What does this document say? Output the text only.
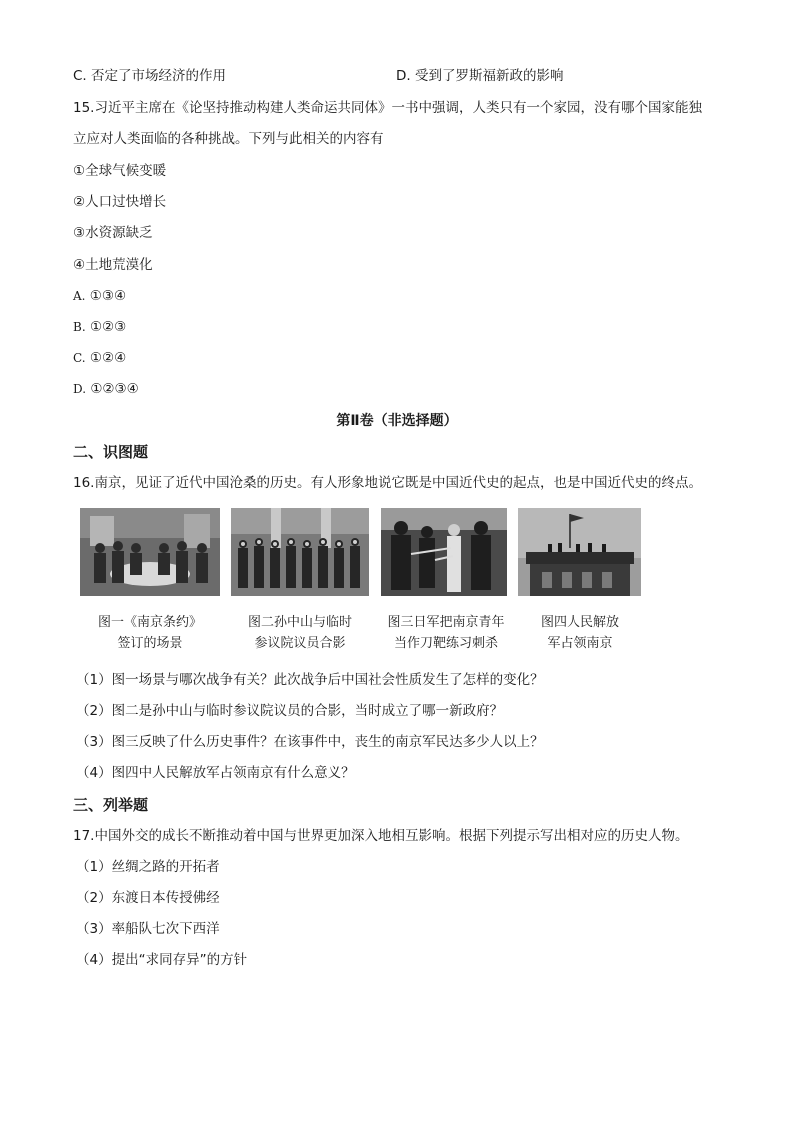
C. 否定了市场经济的作用	D. 受到了罗斯福新政的影响
15.习近平主席在《论坚持推动构建人类命运共同体》一书中强调，人类只有一个家园，没有哪个国家能独
立应对人类面临的各种挑战。下列与此相关的内容有
①全球气候变暖
②人口过快增长
③水资源缺乏
④土地荒漠化
A. ①③④
B. ①②③
C. ①②④
D. ①②③④
第Ⅱ卷（非选择题）
二、识图题
16.南京，见证了近代中国沧桑的历史。有人形象地说它既是中国近代史的起点，也是中国近代史的终点。
图一《南京条约》
签订的场景
图二孙中山与临时
参议院议员合影
图三日军把南京青年
当作刀靶练习刺杀
图四人民解放
军占领南京
（1）图一场景与哪次战争有关？此次战争后中国社会性质发生了怎样的变化？
（2）图二是孙中山与临时参议院议员的合影，当时成立了哪一新政府？
（3）图三反映了什么历史事件？在该事件中，丧生的南京军民达多少人以上？
（4）图四中人民解放军占领南京有什么意义？
三、列举题
17.中国外交的成长不断推动着中国与世界更加深入地相互影响。根据下列提示写出相对应的历史人物。
（1）丝绸之路的开拓者
（2）东渡日本传授佛经
（3）率船队七次下西洋
（4）提出“求同存异”的方针
